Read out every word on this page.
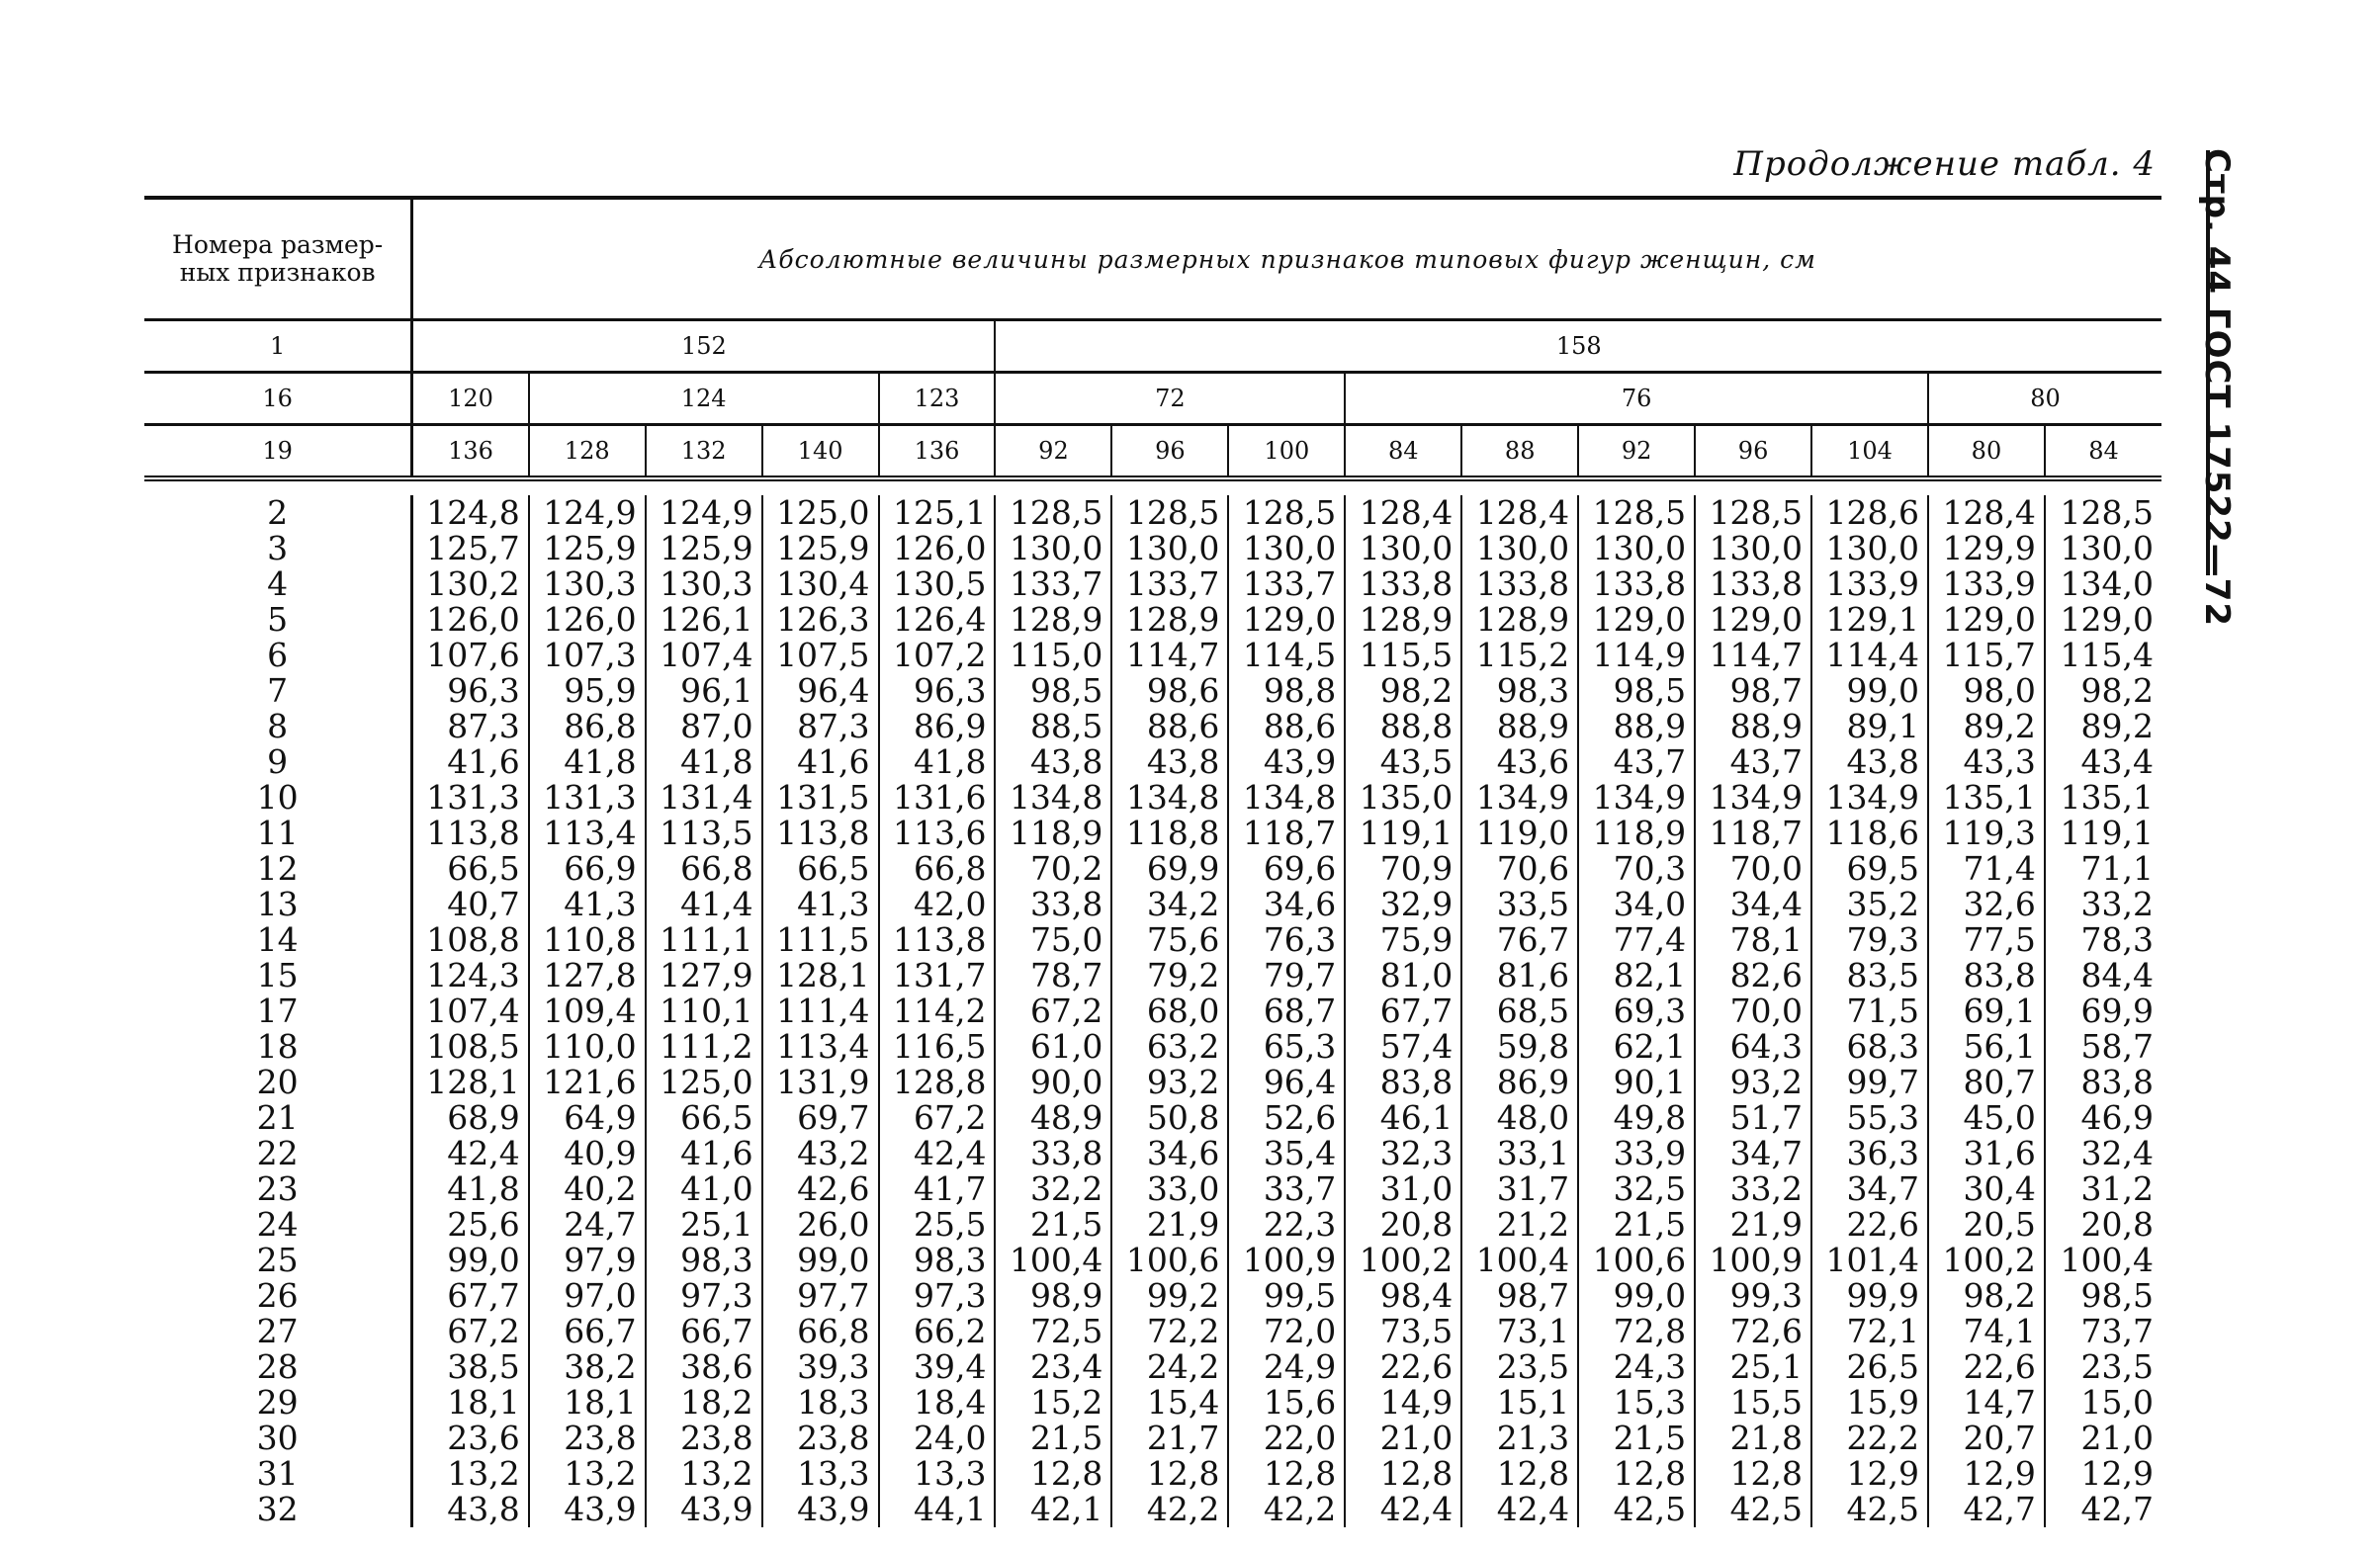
Продолжение табл. 4 Стр. 44 ГОСТ 17522—72

Номера размер-
ных признаков	Абсолютные величины размерных признаков типовых фигур женщин, см														
1	152					158									
16	120	124			123	72			76					80	
19	136	128	132	140	136	92	96	100	84	88	92	96	104	80	84

2	124,8	124,9	124,9	125,0	125,1	128,5	128,5	128,5	128,4	128,4	128,5	128,5	128,6	128,4	128,5
3	125,7	125,9	125,9	125,9	126,0	130,0	130,0	130,0	130,0	130,0	130,0	130,0	130,0	129,9	130,0
4	130,2	130,3	130,3	130,4	130,5	133,7	133,7	133,7	133,8	133,8	133,8	133,8	133,9	133,9	134,0
5	126,0	126,0	126,1	126,3	126,4	128,9	128,9	129,0	128,9	128,9	129,0	129,0	129,1	129,0	129,0
6	107,6	107,3	107,4	107,5	107,2	115,0	114,7	114,5	115,5	115,2	114,9	114,7	114,4	115,7	115,4
7	96,3	95,9	96,1	96,4	96,3	98,5	98,6	98,8	98,2	98,3	98,5	98,7	99,0	98,0	98,2
8	87,3	86,8	87,0	87,3	86,9	88,5	88,6	88,6	88,8	88,9	88,9	88,9	89,1	89,2	89,2
9	41,6	41,8	41,8	41,6	41,8	43,8	43,8	43,9	43,5	43,6	43,7	43,7	43,8	43,3	43,4
10	131,3	131,3	131,4	131,5	131,6	134,8	134,8	134,8	135,0	134,9	134,9	134,9	134,9	135,1	135,1
11	113,8	113,4	113,5	113,8	113,6	118,9	118,8	118,7	119,1	119,0	118,9	118,7	118,6	119,3	119,1
12	66,5	66,9	66,8	66,5	66,8	70,2	69,9	69,6	70,9	70,6	70,3	70,0	69,5	71,4	71,1
13	40,7	41,3	41,4	41,3	42,0	33,8	34,2	34,6	32,9	33,5	34,0	34,4	35,2	32,6	33,2
14	108,8	110,8	111,1	111,5	113,8	75,0	75,6	76,3	75,9	76,7	77,4	78,1	79,3	77,5	78,3
15	124,3	127,8	127,9	128,1	131,7	78,7	79,2	79,7	81,0	81,6	82,1	82,6	83,5	83,8	84,4
17	107,4	109,4	110,1	111,4	114,2	67,2	68,0	68,7	67,7	68,5	69,3	70,0	71,5	69,1	69,9
18	108,5	110,0	111,2	113,4	116,5	61,0	63,2	65,3	57,4	59,8	62,1	64,3	68,3	56,1	58,7
20	128,1	121,6	125,0	131,9	128,8	90,0	93,2	96,4	83,8	86,9	90,1	93,2	99,7	80,7	83,8
21	68,9	64,9	66,5	69,7	67,2	48,9	50,8	52,6	46,1	48,0	49,8	51,7	55,3	45,0	46,9
22	42,4	40,9	41,6	43,2	42,4	33,8	34,6	35,4	32,3	33,1	33,9	34,7	36,3	31,6	32,4
23	41,8	40,2	41,0	42,6	41,7	32,2	33,0	33,7	31,0	31,7	32,5	33,2	34,7	30,4	31,2
24	25,6	24,7	25,1	26,0	25,5	21,5	21,9	22,3	20,8	21,2	21,5	21,9	22,6	20,5	20,8
25	99,0	97,9	98,3	99,0	98,3	100,4	100,6	100,9	100,2	100,4	100,6	100,9	101,4	100,2	100,4
26	67,7	97,0	97,3	97,7	97,3	98,9	99,2	99,5	98,4	98,7	99,0	99,3	99,9	98,2	98,5
27	67,2	66,7	66,7	66,8	66,2	72,5	72,2	72,0	73,5	73,1	72,8	72,6	72,1	74,1	73,7
28	38,5	38,2	38,6	39,3	39,4	23,4	24,2	24,9	22,6	23,5	24,3	25,1	26,5	22,6	23,5
29	18,1	18,1	18,2	18,3	18,4	15,2	15,4	15,6	14,9	15,1	15,3	15,5	15,9	14,7	15,0
30	23,6	23,8	23,8	23,8	24,0	21,5	21,7	22,0	21,0	21,3	21,5	21,8	22,2	20,7	21,0
31	13,2	13,2	13,2	13,3	13,3	12,8	12,8	12,8	12,8	12,8	12,8	12,8	12,9	12,9	12,9
32	43,8	43,9	43,9	43,9	44,1	42,1	42,2	42,2	42,4	42,4	42,5	42,5	42,5	42,7	42,7
